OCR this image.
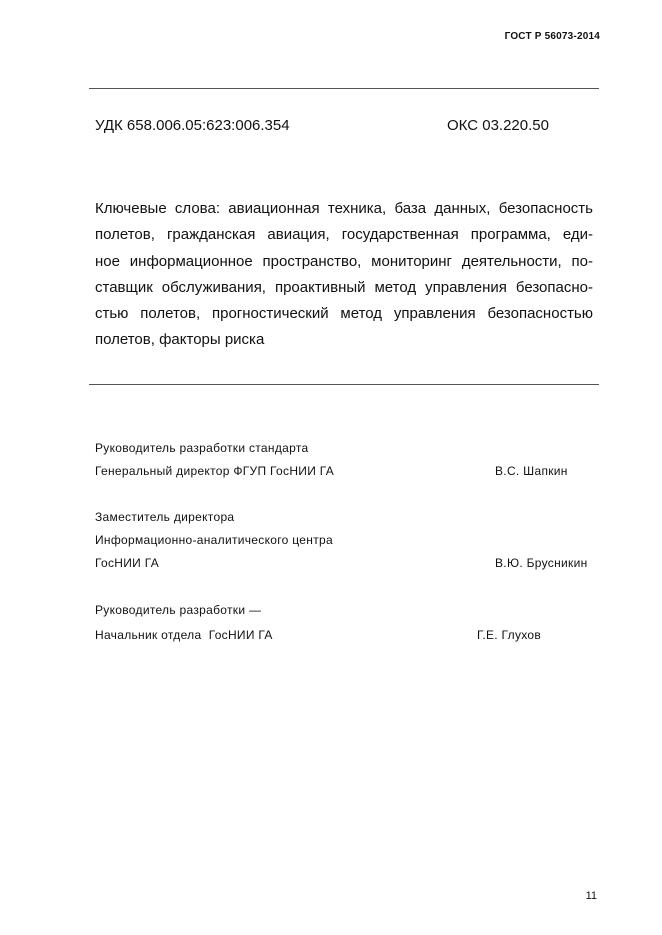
ГОСТ Р 56073-2014
УДК 658.006.05:623:006.354	ОКС 03.220.50
Ключевые слова: авиационная техника, база данных, безопасность
полетов, гражданская авиация, государственная программа, еди-
ное информационное пространство, мониторинг деятельности, по-
ставщик обслуживания, проактивный метод управления безопасно-
стью полетов, прогностический метод управления безопасностью
полетов, факторы риска
Руководитель разработки стандарта
Генеральный директор ФГУП ГосНИИ ГА	В.С. Шапкин
Заместитель директора
Информационно-аналитического центра
ГосНИИ ГА	В.Ю. Брусникин
Руководитель разработки —
Начальник отдела  ГосНИИ ГА	Г.Е. Глухов
11
